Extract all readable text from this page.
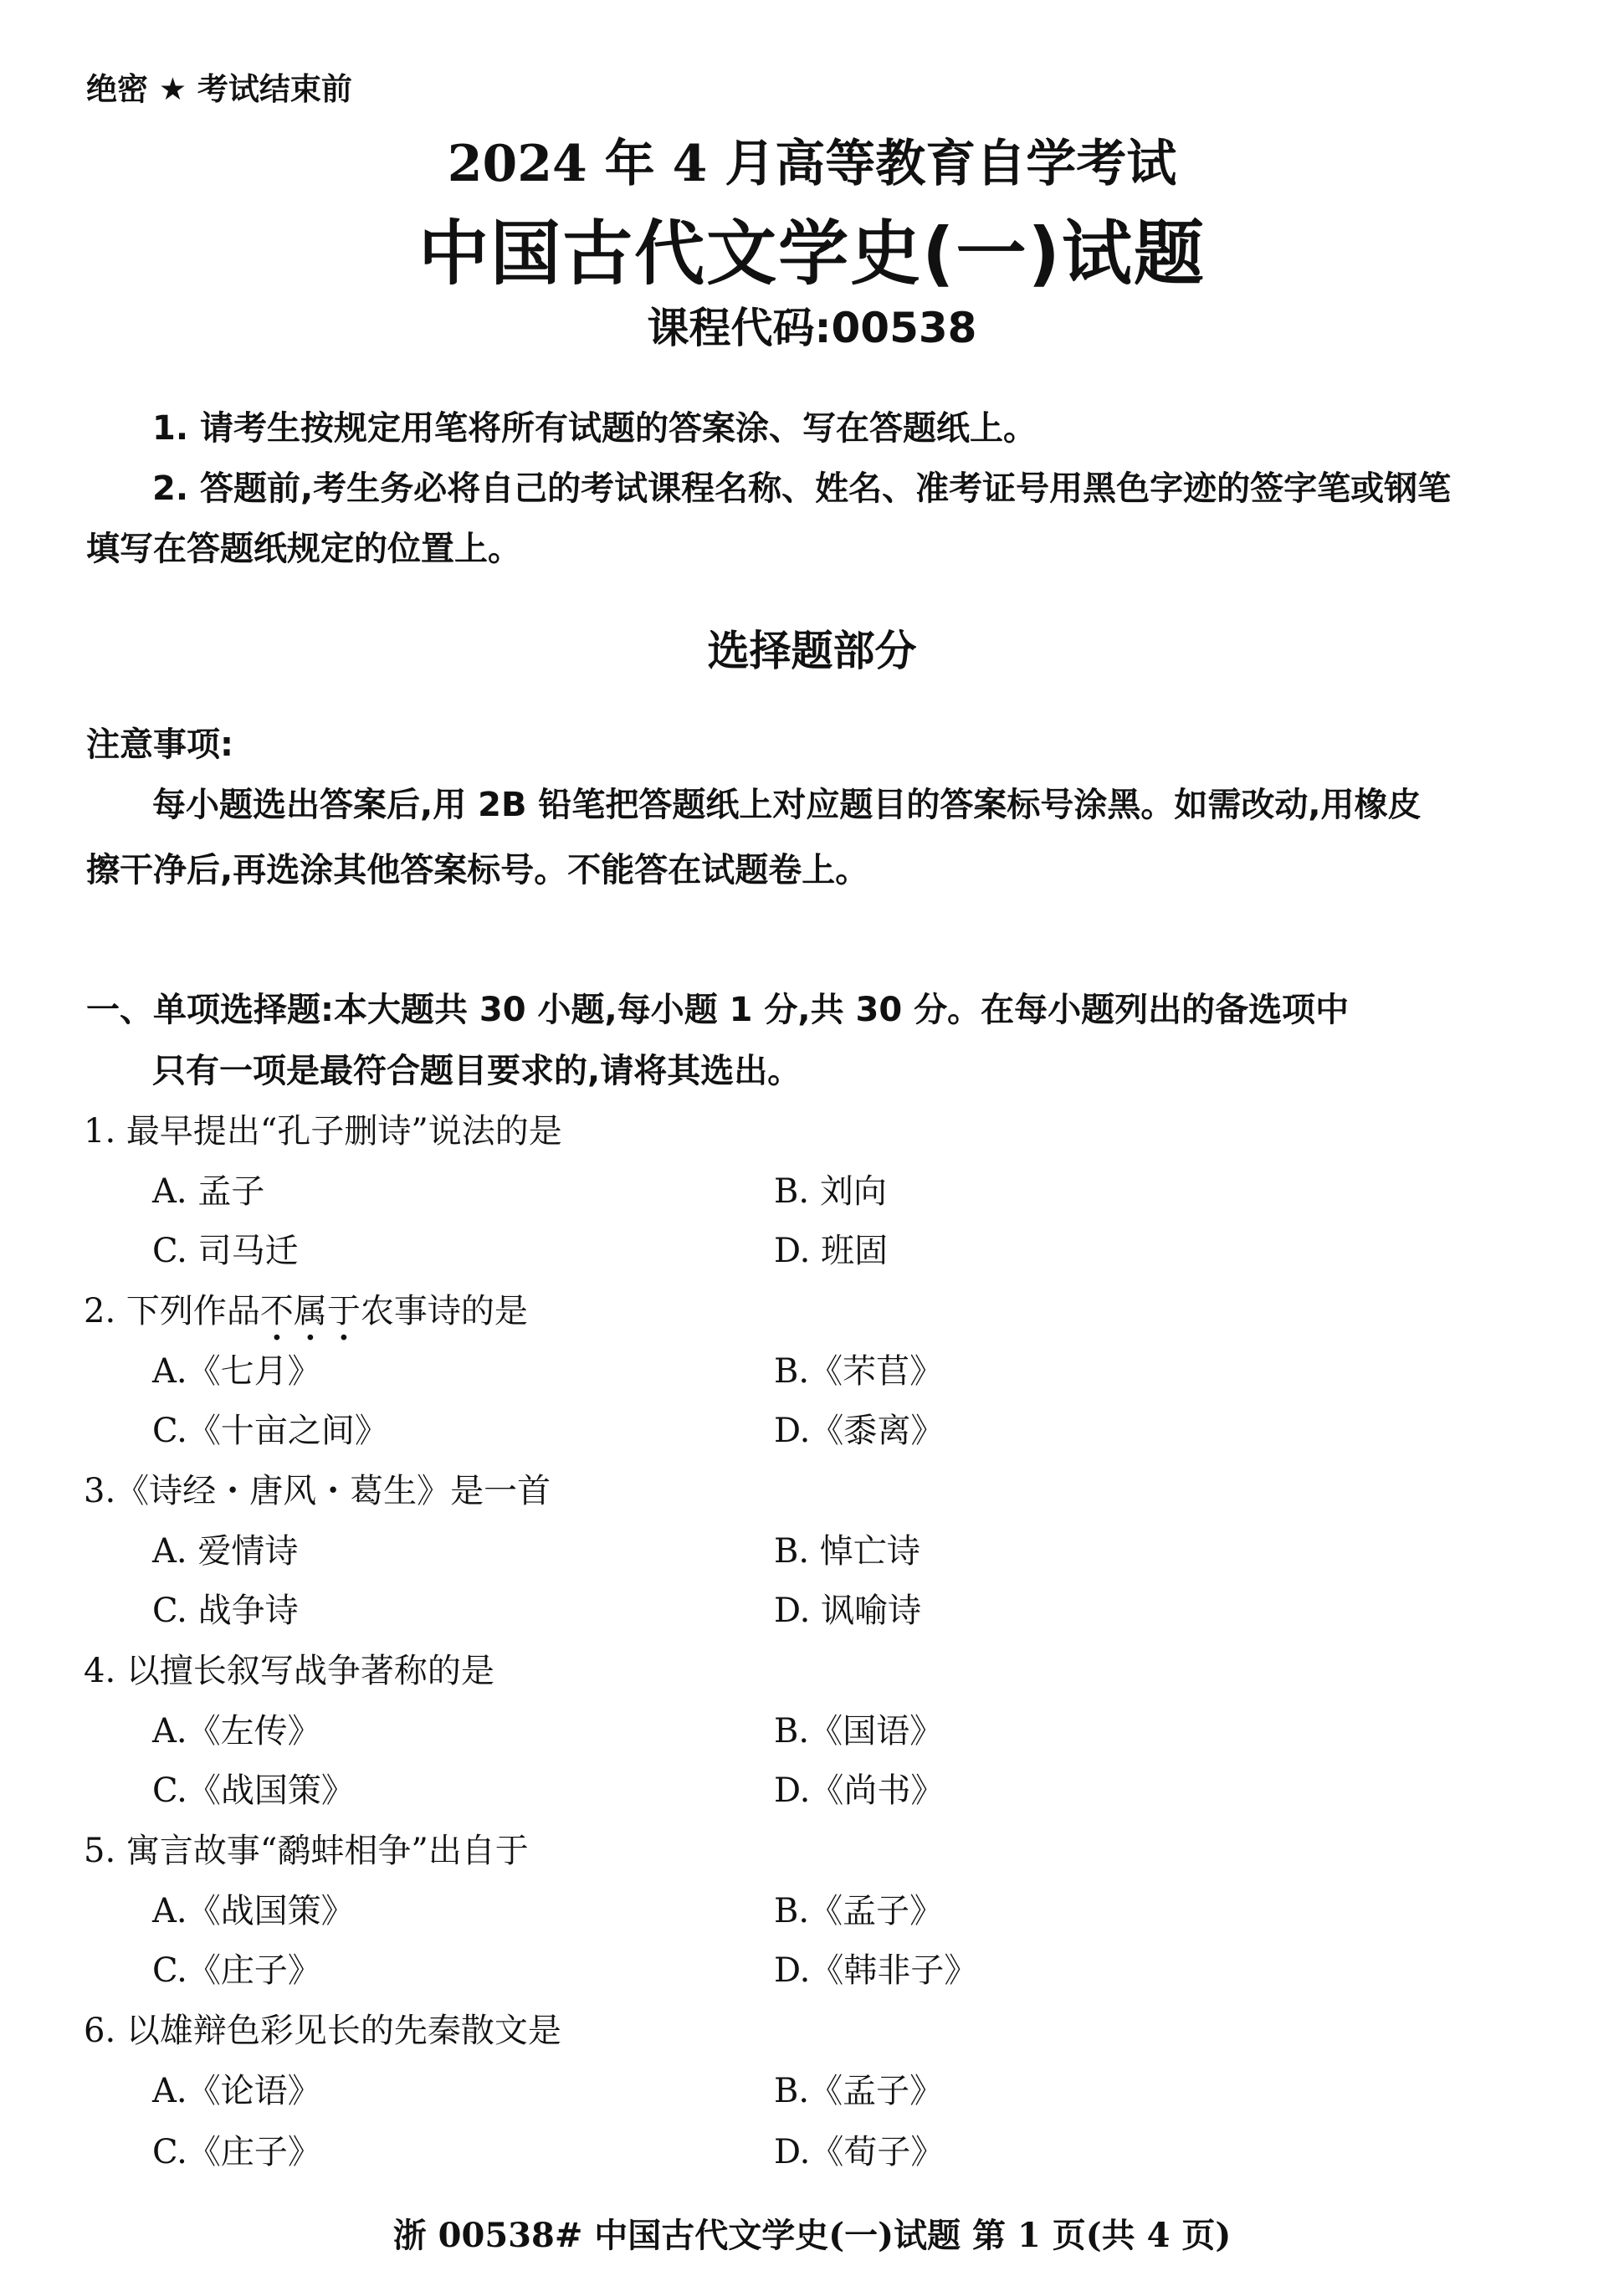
绝密 ★ 考试结束前
2024 年 4 月高等教育自学考试
中国古代文学史(一)试题
课程代码:00538
1. 请考生按规定用笔将所有试题的答案涂、写在答题纸上。
2. 答题前,考生务必将自己的考试课程名称、姓名、准考证号用黑色字迹的签字笔或钢笔
填写在答题纸规定的位置上。
选择题部分
注意事项:
每小题选出答案后,用 2B 铅笔把答题纸上对应题目的答案标号涂黑。如需改动,用橡皮
擦干净后,再选涂其他答案标号。不能答在试题卷上。
一、单项选择题:本大题共 30 小题,每小题 1 分,共 30 分。在每小题列出的备选项中
只有一项是最符合题目要求的,请将其选出。
1. 最早提出“孔子删诗”说法的是
A. 孟子	B. 刘向
C. 司马迁	D. 班固
2. 下列作品不属于农事诗的是
A.《七月》	B.《芣苢》
C.《十亩之间》	D.《黍离》
3.《诗经・唐风・葛生》是一首
A. 爱情诗	B. 悼亡诗
C. 战争诗	D. 讽喻诗
4. 以擅长叙写战争著称的是
A.《左传》	B.《国语》
C.《战国策》	D.《尚书》
5. 寓言故事“鹬蚌相争”出自于
A.《战国策》	B.《孟子》
C.《庄子》	D.《韩非子》
6. 以雄辩色彩见长的先秦散文是
A.《论语》	B.《孟子》
C.《庄子》	D.《荀子》
浙 00538# 中国古代文学史(一)试题 第 1 页(共 4 页)
